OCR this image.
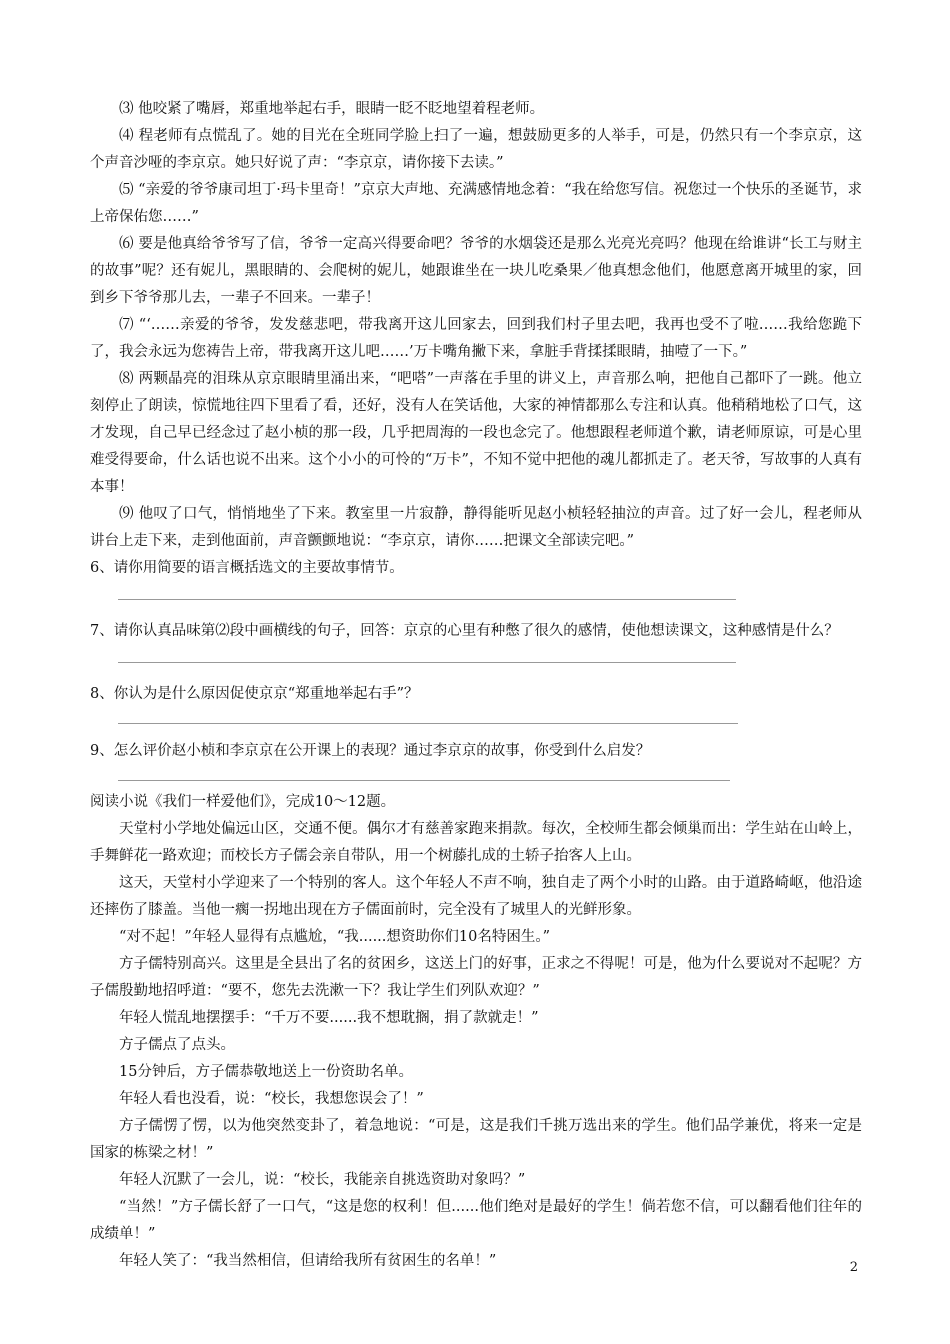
⑶ 他咬紧了嘴唇，郑重地举起右手，眼睛一眨不眨地望着程老师。

⑷ 程老师有点慌乱了。她的目光在全班同学脸上扫了一遍，想鼓励更多的人举手，可是，仍然只有一个李京京，这个声音沙哑的李京京。她只好说了声：“李京京，请你接下去读。”

⑸ “亲爱的爷爷康司坦丁·玛卡里奇！”京京大声地、充满感情地念着：“我在给您写信。祝您过一个快乐的圣诞节，求上帝保佑您……”

⑹ 要是他真给爷爷写了信，爷爷一定高兴得要命吧？爷爷的水烟袋还是那么光亮光亮吗？他现在给谁讲“长工与财主的故事”呢？还有妮儿，黑眼睛的、会爬树的妮儿，她跟谁坐在一块儿吃桑果／他真想念他们，他愿意离开城里的家，回到乡下爷爷那儿去，一辈子不回来。一辈子！

⑺ “‘……亲爱的爷爷，发发慈悲吧，带我离开这儿回家去，回到我们村子里去吧，我再也受不了啦……我给您跪下了，我会永远为您祷告上帝，带我离开这儿吧……’万卡嘴角撇下来，拿脏手背揉揉眼睛，抽噎了一下。”

⑻ 两颗晶亮的泪珠从京京眼睛里涌出来，“吧嗒”一声落在手里的讲义上，声音那么响，把他自己都吓了一跳。他立刻停止了朗读，惊慌地往四下里看了看，还好，没有人在笑话他，大家的神情都那么专注和认真。他稍稍地松了口气，这才发现，自己早已经念过了赵小桢的那一段，几乎把周海的一段也念完了。他想跟程老师道个歉，请老师原谅，可是心里难受得要命，什么话也说不出来。这个小小的可怜的“万卡”，不知不觉中把他的魂儿都抓走了。老天爷，写故事的人真有本事！

⑼ 他叹了口气，悄悄地坐了下来。教室里一片寂静，静得能听见赵小桢轻轻抽泣的声音。过了好一会儿，程老师从讲台上走下来，走到他面前，声音颤颤地说：“李京京，请你……把课文全部读完吧。”

6、请你用简要的语言概括选文的主要故事情节。

7、请你认真品味第⑵段中画横线的句子，回答：京京的心里有种憋了很久的感情，使他想读课文，这种感情是什么？

8、你认为是什么原因促使京京“郑重地举起右手”？

9、怎么评价赵小桢和李京京在公开课上的表现？通过李京京的故事，你受到什么启发？

阅读小说《我们一样爱他们》，完成10～12题。

天堂村小学地处偏远山区，交通不便。偶尔才有慈善家跑来捐款。每次，全校师生都会倾巢而出：学生站在山岭上，手舞鲜花一路欢迎；而校长方子儒会亲自带队，用一个树藤扎成的土轿子抬客人上山。

这天，天堂村小学迎来了一个特别的客人。这个年轻人不声不响，独自走了两个小时的山路。由于道路崎岖，他沿途还摔伤了膝盖。当他一瘸一拐地出现在方子儒面前时，完全没有了城里人的光鲜形象。

“对不起！”年轻人显得有点尴尬，“我......想资助你们10名特困生。”

方子儒特别高兴。这里是全县出了名的贫困乡，这送上门的好事，正求之不得呢！可是，他为什么要说对不起呢？方子儒殷勤地招呼道：“要不，您先去洗漱一下？我让学生们列队欢迎？”

年轻人慌乱地摆摆手：“千万不要......我不想耽搁，捐了款就走！”

方子儒点了点头。

15分钟后，方子儒恭敬地送上一份资助名单。

年轻人看也没看，说：“校长，我想您误会了！”

方子儒愣了愣，以为他突然变卦了，着急地说：“可是，这是我们千挑万选出来的学生。他们品学兼优，将来一定是国家的栋梁之材！”

年轻人沉默了一会儿，说：“校长，我能亲自挑选资助对象吗？”

“当然！”方子儒长舒了一口气，“这是您的权利！但......他们绝对是最好的学生！倘若您不信，可以翻看他们往年的成绩单！”

年轻人笑了：“我当然相信，但请给我所有贫困生的名单！”	2
